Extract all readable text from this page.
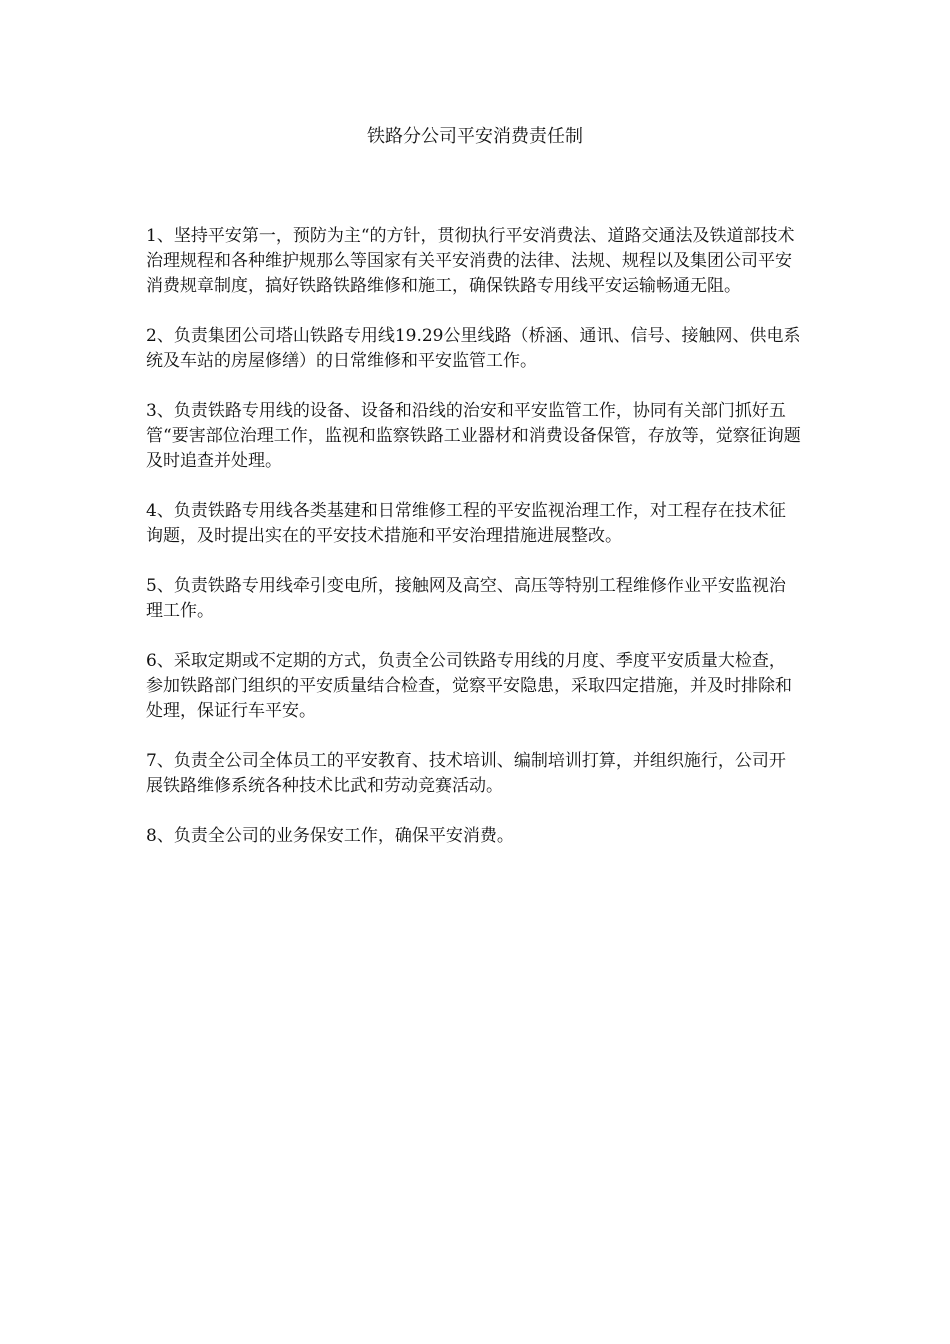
铁路分公司平安消费责任制

1、坚持平安第一，预防为主“的方针，贯彻执行平安消费法、道路交通法及铁道部技术治理规程和各种维护规那么等国家有关平安消费的法律、法规、规程以及集团公司平安消费规章制度，搞好铁路铁路维修和施工，确保铁路专用线平安运输畅通无阻。

2、负责集团公司塔山铁路专用线19.29公里线路（桥涵、通讯、信号、接触网、供电系统及车站的房屋修缮）的日常维修和平安监管工作。

3、负责铁路专用线的设备、设备和沿线的治安和平安监管工作，协同有关部门抓好五管“要害部位治理工作，监视和监察铁路工业器材和消费设备保管，存放等，觉察征询题及时追查并处理。

4、负责铁路专用线各类基建和日常维修工程的平安监视治理工作，对工程存在技术征询题，及时提出实在的平安技术措施和平安治理措施进展整改。

5、负责铁路专用线牵引变电所，接触网及高空、高压等特别工程维修作业平安监视治理工作。

6、采取定期或不定期的方式，负责全公司铁路专用线的月度、季度平安质量大检查，参加铁路部门组织的平安质量结合检查，觉察平安隐患，采取四定措施，并及时排除和处理，保证行车平安。

7、负责全公司全体员工的平安教育、技术培训、编制培训打算，并组织施行，公司开展铁路维修系统各种技术比武和劳动竞赛活动。

8、负责全公司的业务保安工作，确保平安消费。
